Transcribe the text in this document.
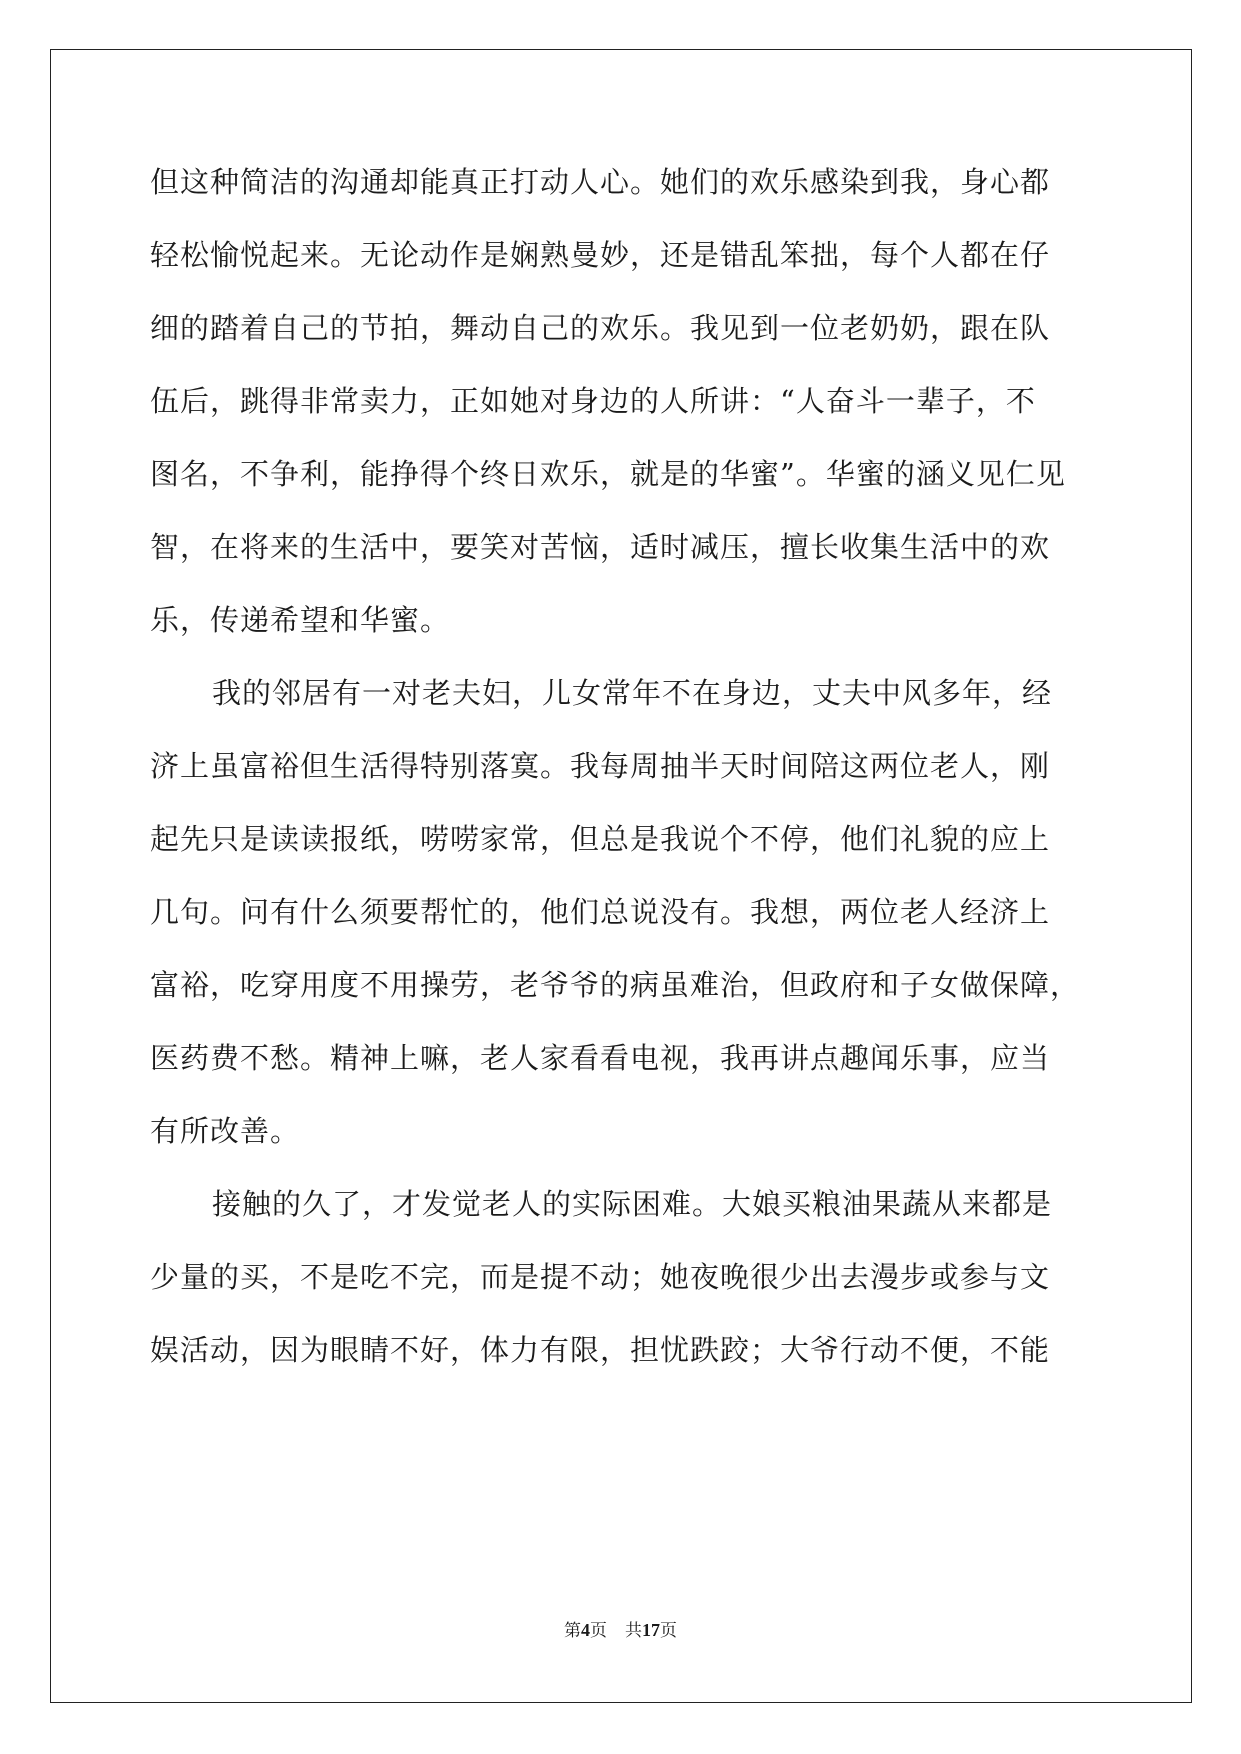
但这种简洁的沟通却能真正打动人心。她们的欢乐感染到我，身心都
轻松愉悦起来。无论动作是娴熟曼妙，还是错乱笨拙，每个人都在仔
细的踏着自己的节拍，舞动自己的欢乐。我见到一位老奶奶，跟在队
伍后，跳得非常卖力，正如她对身边的人所讲：“人奋斗一辈子，不
图名，不争利，能挣得个终日欢乐，就是的华蜜”。华蜜的涵义见仁见
智，在将来的生活中，要笑对苦恼，适时减压，擅长收集生活中的欢
乐，传递希望和华蜜。
我的邻居有一对老夫妇，儿女常年不在身边，丈夫中风多年，经
济上虽富裕但生活得特别落寞。我每周抽半天时间陪这两位老人，刚
起先只是读读报纸，唠唠家常，但总是我说个不停，他们礼貌的应上
几句。问有什么须要帮忙的，他们总说没有。我想，两位老人经济上
富裕，吃穿用度不用操劳，老爷爷的病虽难治，但政府和子女做保障，
医药费不愁。精神上嘛，老人家看看电视，我再讲点趣闻乐事，应当
有所改善。
接触的久了，才发觉老人的实际困难。大娘买粮油果蔬从来都是
少量的买，不是吃不完，而是提不动；她夜晚很少出去漫步或参与文
娱活动，因为眼睛不好，体力有限，担忧跌跤；大爷行动不便，不能
第4页 共17页
